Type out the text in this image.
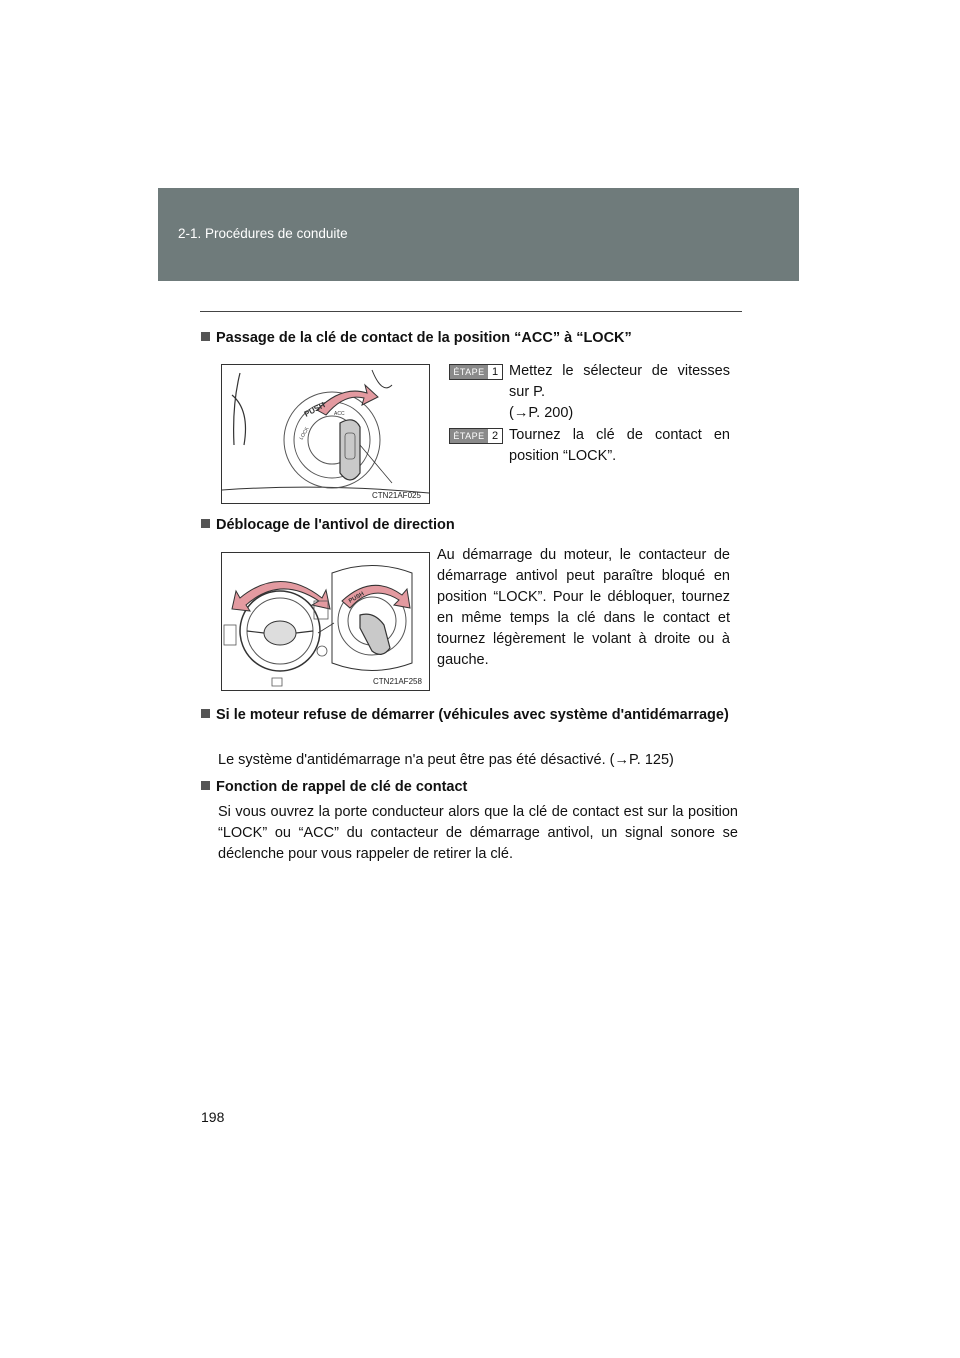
2-1. Procédures de conduite
Passage de la clé de contact de la position “ACC” à “LOCK”
PUSH ACC
LOCK
CTN21AF025
ÉTAPE 1 Mettez le sélecteur de vitesses
sur P.
(→P. 200)
ÉTAPE 2 Tournez la clé de contact en
position “LOCK”.
Déblocage de l'antivol de direction
PUSH
CTN21AF258
Au démarrage du moteur, le contacteur de démarrage antivol peut paraître bloqué en position “LOCK”. Pour le débloquer, tournez en même temps la clé dans le contact et tournez légèrement le volant à droite ou à gauche.
Si le moteur refuse de démarrer (véhicules avec système d'antidémarrage)
Le système d'antidémarrage n'a peut être pas été désactivé. (→P. 125)
Fonction de rappel de clé de contact
Si vous ouvrez la porte conducteur alors que la clé de contact est sur la position “LOCK” ou “ACC” du contacteur de démarrage antivol, un signal sonore se déclenche pour vous rappeler de retirer la clé.
198
